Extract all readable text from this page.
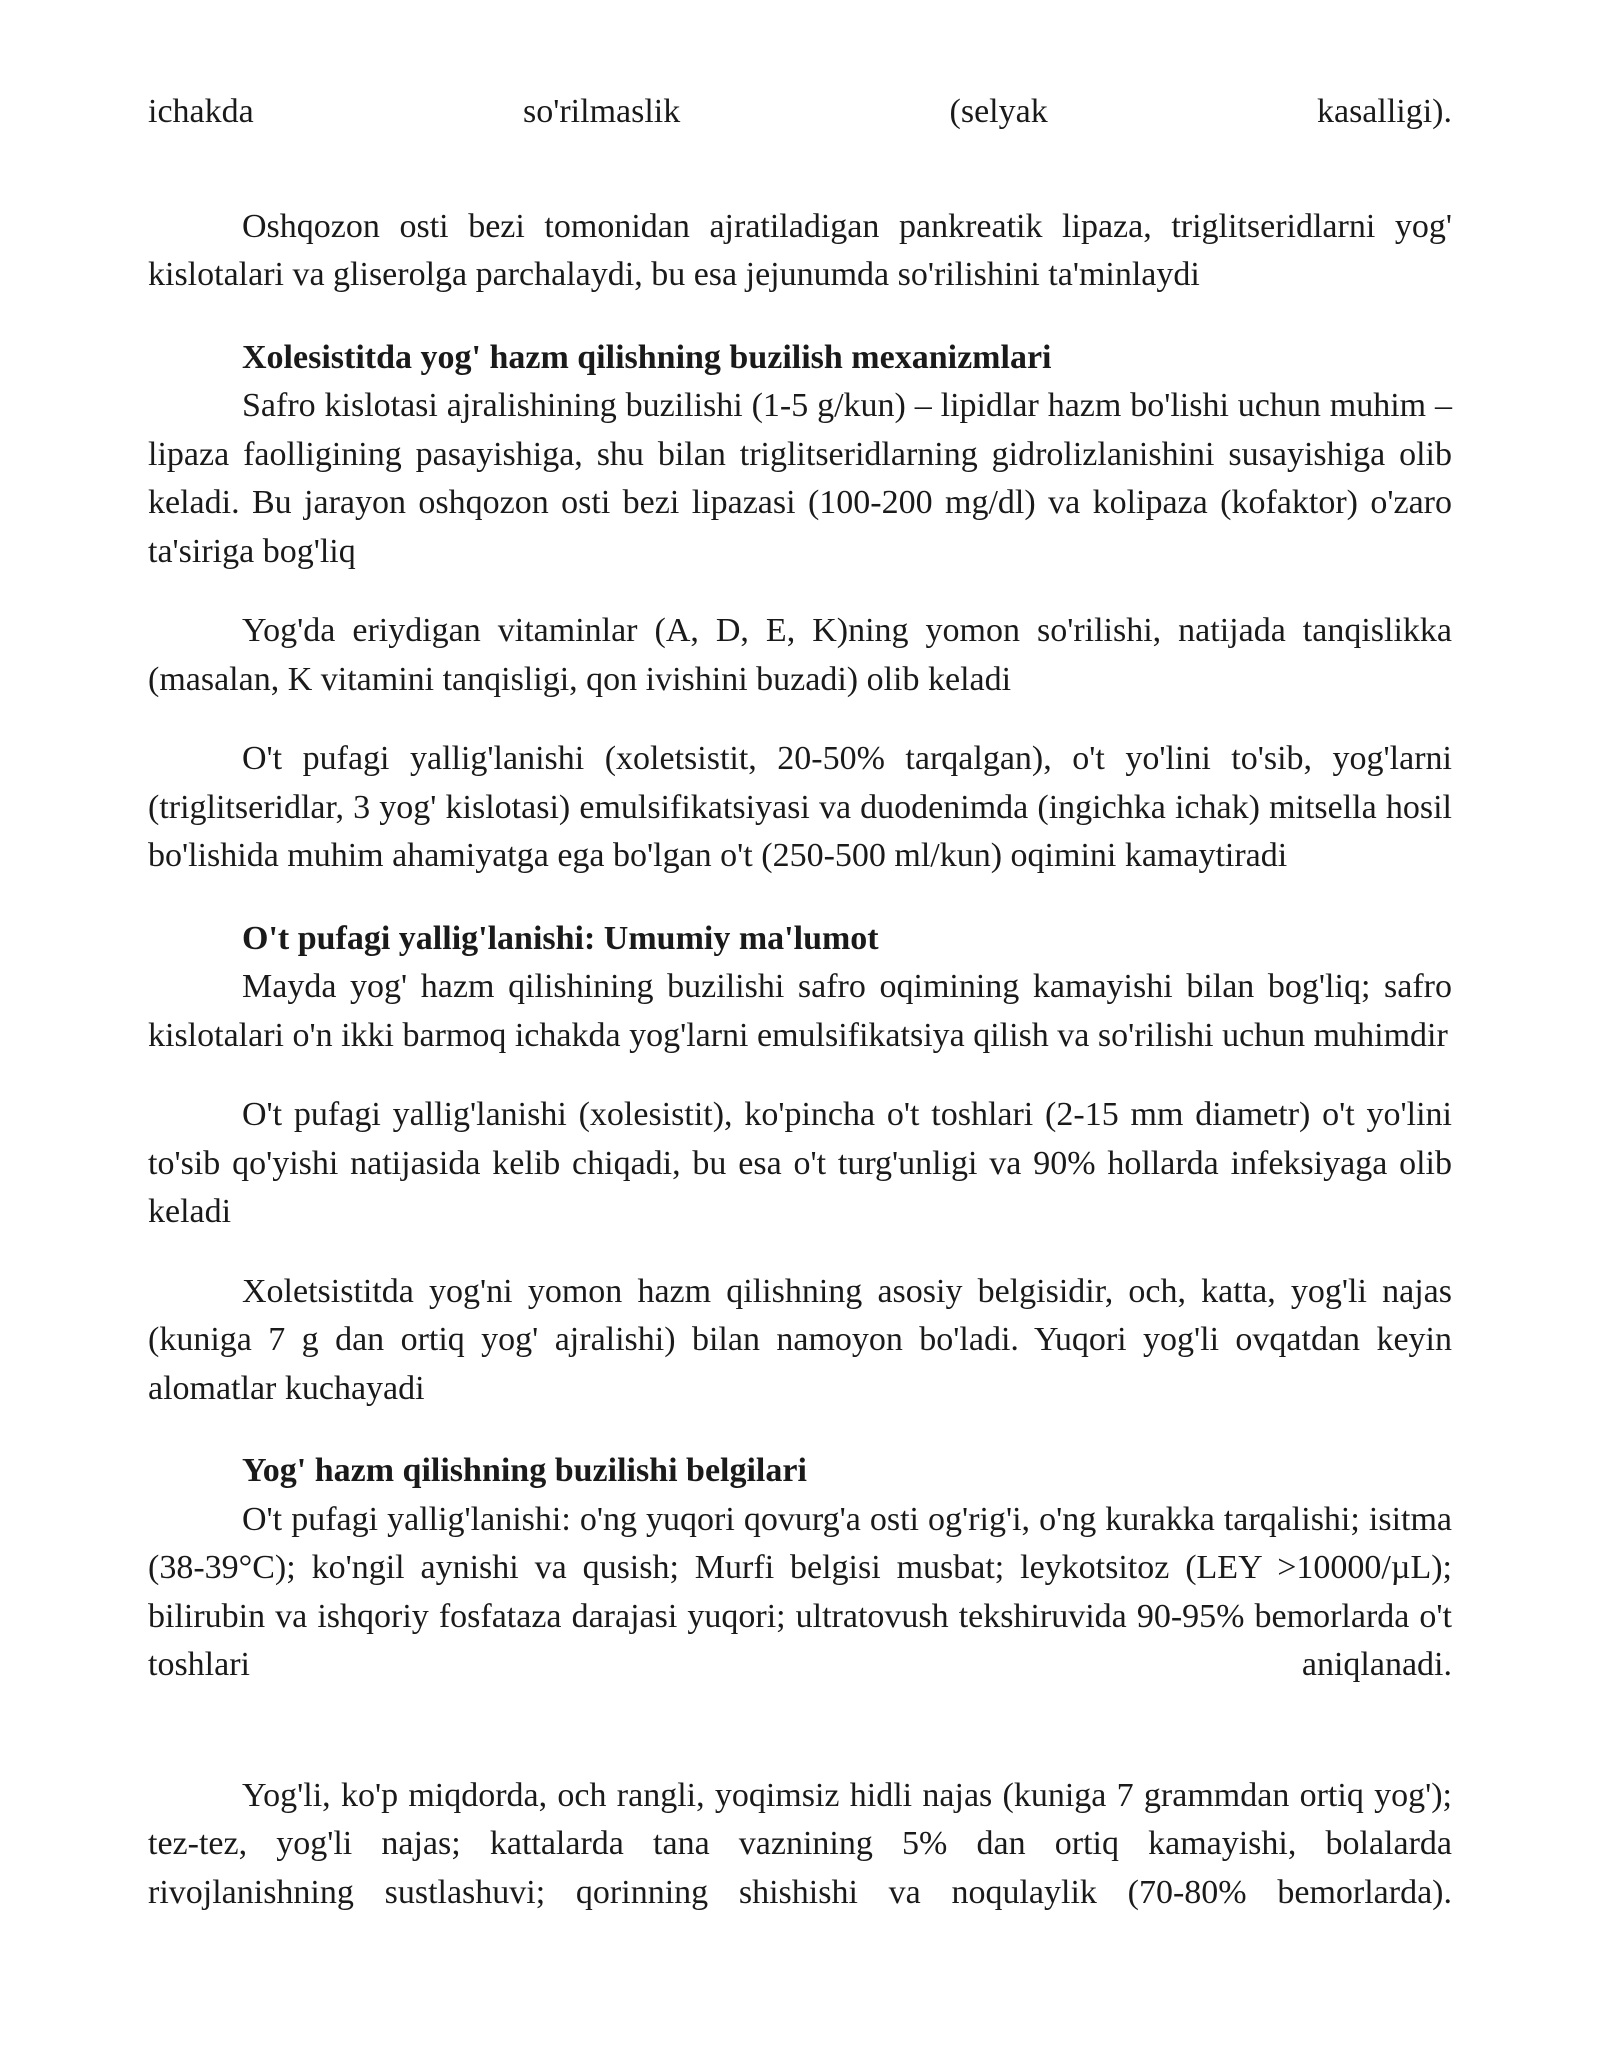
ichakda so'rilmaslik (selyak kasalligi).

Oshqozon osti bezi tomonidan ajratiladigan pankreatik lipaza, triglitseridlarni yog' kislotalari va gliserolga parchalaydi, bu esa jejunumda so'rilishini ta'minlaydi

Xolesistitda yog' hazm qilishning buzilish mexanizmlari

Safro kislotasi ajralishining buzilishi (1-5 g/kun) – lipidlar hazm bo'lishi uchun muhim – lipaza faolligining pasayishiga, shu bilan triglitseridlarning gidrolizlanishini susayishiga olib keladi. Bu jarayon oshqozon osti bezi lipazasi (100-200 mg/dl) va kolipaza (kofaktor) o'zaro ta'siriga bog'liq

Yog'da eriydigan vitaminlar (A, D, E, K)ning yomon so'rilishi, natijada tanqislikka (masalan, K vitamini tanqisligi, qon ivishini buzadi) olib keladi

O't pufagi yallig'lanishi (xoletsistit, 20-50% tarqalgan), o't yo'lini to'sib, yog'larni (triglitseridlar, 3 yog' kislotasi) emulsifikatsiyasi va duodenimda (ingichka ichak) mitsella hosil bo'lishida muhim ahamiyatga ega bo'lgan o't (250-500 ml/kun) oqimini kamaytiradi

O't pufagi yallig'lanishi: Umumiy ma'lumot

Mayda yog' hazm qilishining buzilishi safro oqimining kamayishi bilan bog'liq; safro kislotalari o'n ikki barmoq ichakda yog'larni emulsifikatsiya qilish va so'rilishi uchun muhimdir

O't pufagi yallig'lanishi (xolesistit), ko'pincha o't toshlari (2-15 mm diametr) o't yo'lini to'sib qo'yishi natijasida kelib chiqadi, bu esa o't turg'unligi va 90% hollarda infeksiyaga olib keladi

Xoletsistitda yog'ni yomon hazm qilishning asosiy belgisidir, och, katta, yog'li najas (kuniga 7 g dan ortiq yog' ajralishi) bilan namoyon bo'ladi. Yuqori yog'li ovqatdan keyin alomatlar kuchayadi

Yog' hazm qilishning buzilishi belgilari

O't pufagi yallig'lanishi: o'ng yuqori qovurg'a osti og'rig'i, o'ng kurakka tarqalishi; isitma (38-39°C); ko'ngil aynishi va qusish; Murfi belgisi musbat; leykotsitoz (LEY >10000/µL); bilirubin va ishqoriy fosfataza darajasi yuqori; ultratovush tekshiruvida 90-95% bemorlarda o't toshlari aniqlanadi.

Yog'li, ko'p miqdorda, och rangli, yoqimsiz hidli najas (kuniga 7 grammdan ortiq yog'); tez-tez, yog'li najas; kattalarda tana vaznining 5% dan ortiq kamayishi, bolalarda rivojlanishning sustlashuvi; qorinning shishishi va noqulaylik (70-80% bemorlarda).
